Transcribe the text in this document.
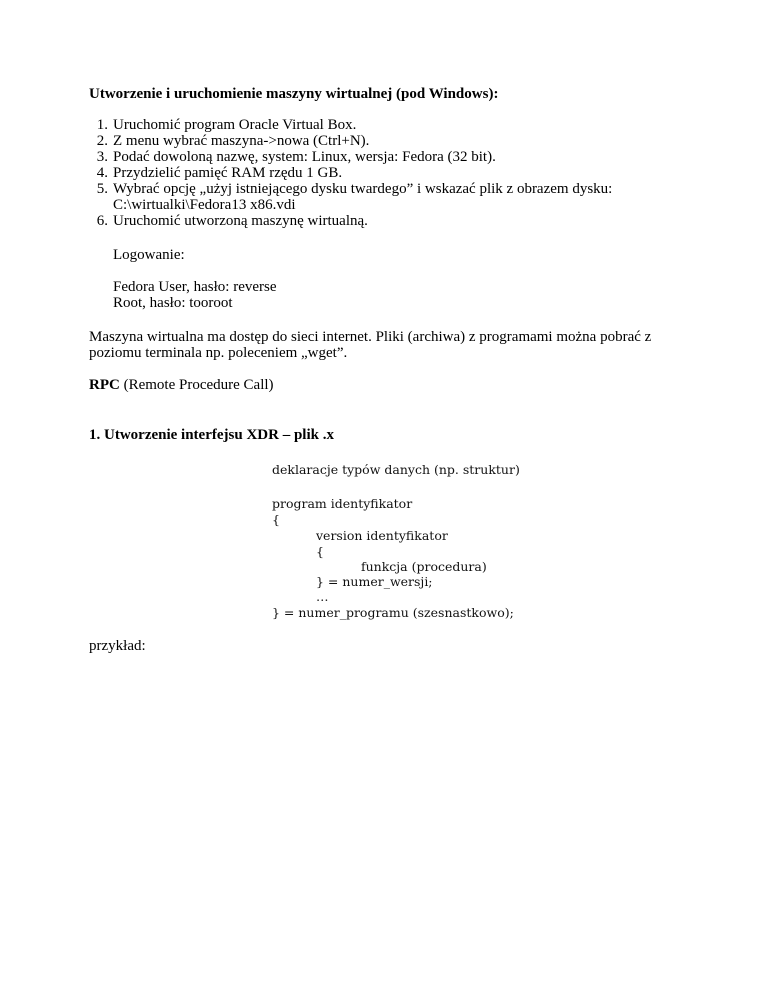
Utworzenie i uruchomienie maszyny wirtualnej (pod Windows):
1. Uruchomić program Oracle Virtual Box.
2. Z menu wybrać maszyna->nowa (Ctrl+N).
3. Podać dowoloną nazwę, system: Linux, wersja: Fedora (32 bit).
4. Przydzielić pamięć RAM rzędu 1 GB.
5. Wybrać opcję „użyj istniejącego dysku twardego” i wskazać plik z obrazem dysku:
C:\wirtualki\Fedora13 x86.vdi
6. Uruchomić utworzoną maszynę wirtualną.
Logowanie:
Fedora User, hasło: reverse
Root, hasło: tooroot
Maszyna wirtualna ma dostęp do sieci internet. Pliki (archiwa) z programami można pobrać z
poziomu terminala np. poleceniem „wget”.
RPC (Remote Procedure Call)
1. Utworzenie interfejsu XDR – plik .x
deklaracje typów danych (np. struktur)
program identyfikator
{
version identyfikator
{
funkcja (procedura)
} = numer_wersji;
…
} = numer_programu (szesnastkowo);
przykład:
